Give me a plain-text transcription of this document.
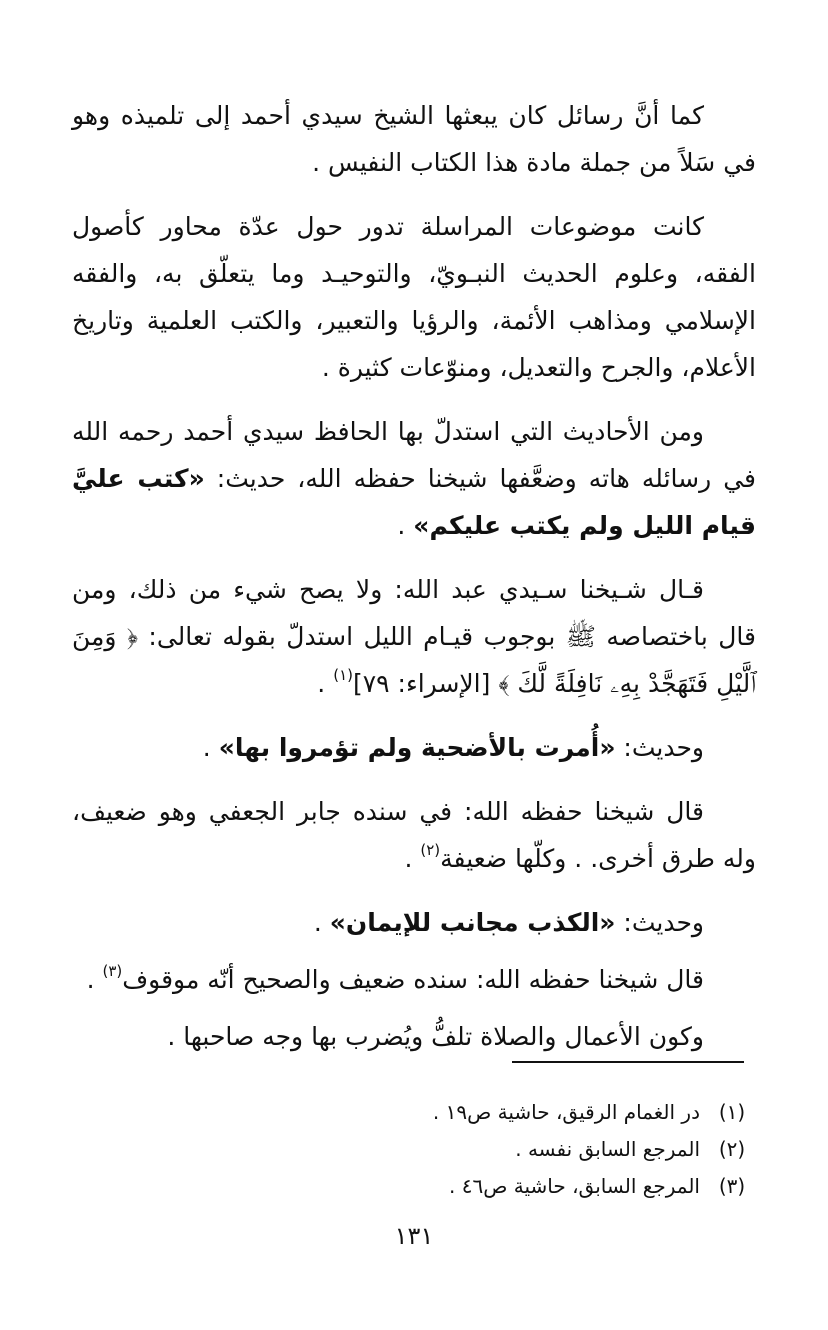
كما أنَّ رسائل كان يبعثها الشيخ سيدي أحمد إلى تلميذه وهو في سَلاً من جملة مادة هذا الكتاب النفيس .

كانت موضوعات المراسلة تدور حول عدّة محاور كأصول الفقه، وعلوم الحديث النبـويّ، والتوحيـد وما يتعلّق به، والفقه الإسلامي ومذاهب الأئمة، والرؤيا والتعبير، والكتب العلمية وتاريخ الأعلام، والجرح والتعديل، ومنوّعات كثيرة .

ومن الأحاديث التي استدلّ بها الحافظ سيدي أحمد رحمه الله في رسائله هاته وضعَّفها شيخنا حفظه الله، حديث: «كتب عليَّ قيام الليل ولم يكتب عليكم» .

قـال شـيخنا سـيدي عبد الله: ولا يصح شيء من ذلك، ومن قال باختصاصه ﷺ بوجوب قيـام الليل استدلّ بقوله تعالى: ﴿ وَمِنَ ٱلَّيْلِ فَتَهَجَّدْ بِهِۦ نَافِلَةً لَّكَ ﴾ [الإسراء: ٧٩]$^{(١)}$ .

وحديث: «أُمرت بالأضحية ولم تؤمروا بها» .

قال شيخنا حفظه الله: في سنده جابر الجعفي وهو ضعيف، وله طرق أخرى. . وكلّها ضعيفة$^{(٢)}$ .

وحديث: «الكذب مجانب للإيمان» .

قال شيخنا حفظه الله: سنده ضعيف والصحيح أنّه موقوف$^{(٣)}$ .

وكون الأعمال والصلاة تلفُّ ويُضرب بها وجه صاحبها .

(١)
در الغمام الرقيق، حاشية ص١٩ .
(٢)
المرجع السابق نفسه .
(٣)
المرجع السابق، حاشية ص٤٦ .
١٣١
